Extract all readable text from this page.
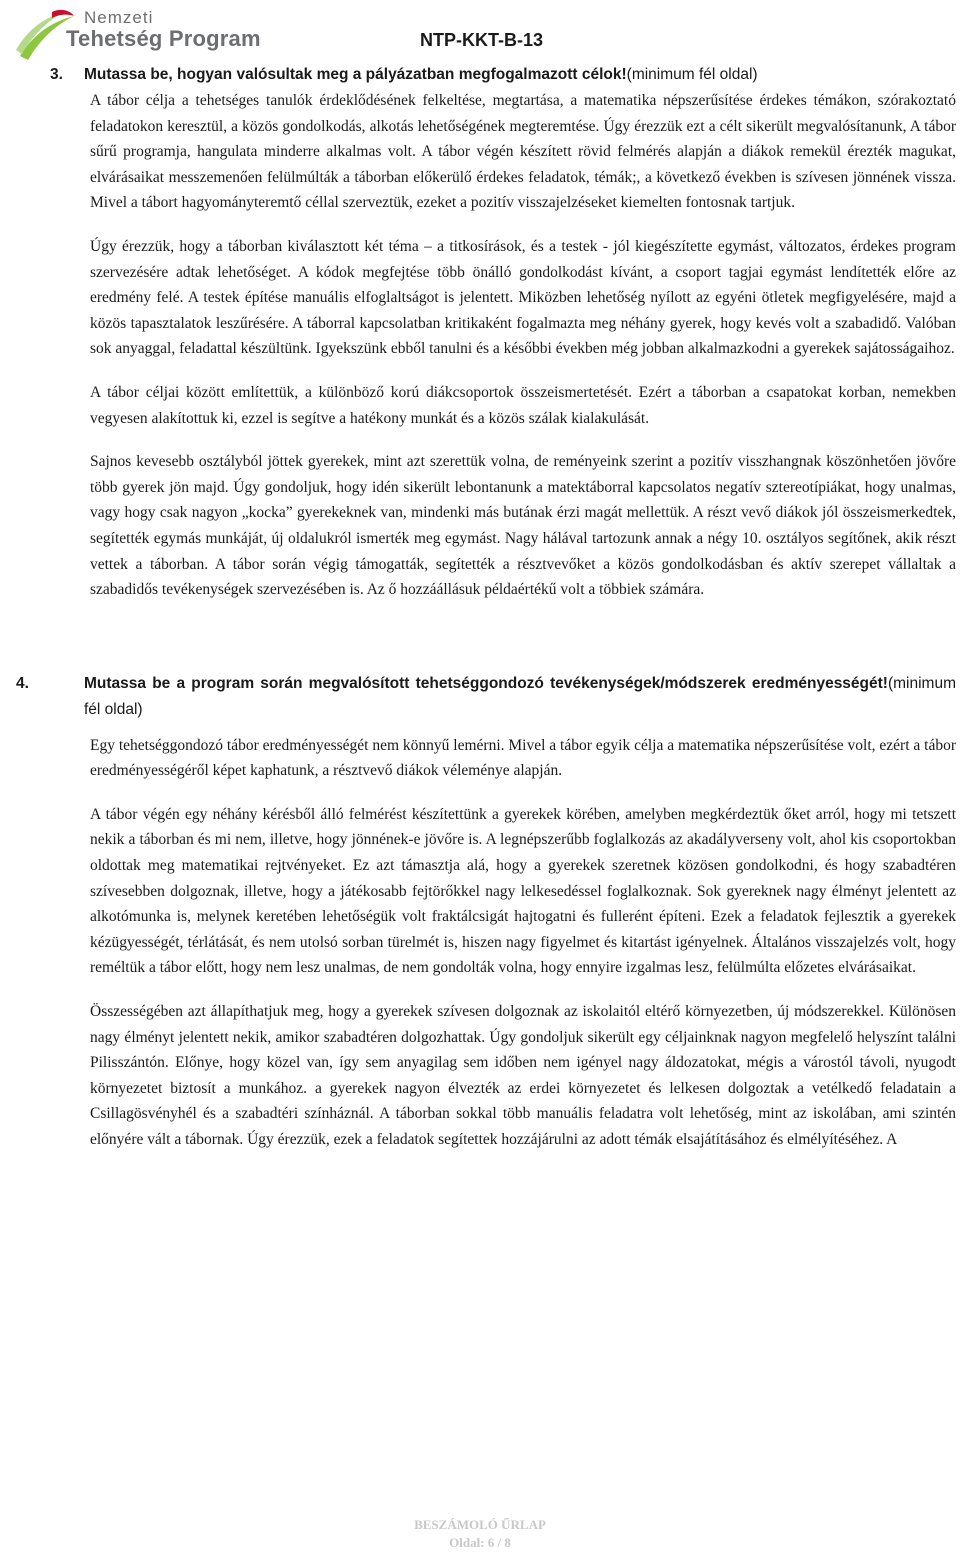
Nemzeti
Tehetség Program	NTP-KKT-B-13
3. Mutassa be, hogyan valósultak meg a pályázatban megfogalmazott célok!(minimum fél oldal)

A tábor célja a tehetséges tanulók érdeklődésének felkeltése, megtartása, a matematika népszerűsítése érdekes témákon, szórakoztató feladatokon keresztül, a közös gondolkodás, alkotás lehetőségének megteremtése. Úgy érezzük ezt a célt sikerült megvalósítanunk, A tábor sűrű programja, hangulata minderre alkalmas volt. A tábor végén készített rövid felmérés alapján a diákok remekül érezték magukat, elvárásaikat messzemenően felülmúlták a táborban előkerülő érdekes feladatok, témák;, a következő években is szívesen jönnének vissza. Mivel a tábort hagyományteremtő céllal szerveztük, ezeket a pozitív visszajelzéseket kiemelten fontosnak tartjuk.

Úgy érezzük, hogy a táborban kiválasztott két téma – a titkosírások, és a testek - jól kiegészítette egymást, változatos, érdekes program szervezésére adtak lehetőséget. A kódok megfejtése több önálló gondolkodást kívánt, a csoport tagjai egymást lendítették előre az eredmény felé. A testek építése manuális elfoglaltságot is jelentett. Miközben lehetőség nyílott az egyéni ötletek megfigyelésére, majd a közös tapasztalatok leszűrésére. A táborral kapcsolatban kritikaként fogalmazta meg néhány gyerek, hogy kevés volt a szabadidő. Valóban sok anyaggal, feladattal készültünk. Igyekszünk ebből tanulni és a későbbi években még jobban alkalmazkodni a gyerekek sajátosságaihoz.

A tábor céljai között említettük, a különböző korú diákcsoportok összeismertetését. Ezért a táborban a csapatokat korban, nemekben vegyesen alakítottuk ki, ezzel is segítve a hatékony munkát és a közös szálak kialakulását.

Sajnos kevesebb osztályból jöttek gyerekek, mint azt szerettük volna, de reményeink szerint a pozitív visszhangnak köszönhetően jövőre több gyerek jön majd. Úgy gondoljuk, hogy idén sikerült lebontanunk a matektáborral kapcsolatos negatív sztereotípiákat, hogy unalmas, vagy hogy csak nagyon „kocka” gyerekeknek van, mindenki más butának érzi magát mellettük. A részt vevő diákok jól összeismerkedtek, segítették egymás munkáját, új oldalukról ismerték meg egymást. Nagy hálával tartozunk annak a négy 10. osztályos segítőnek, akik részt vettek a táborban. A tábor során végig támogatták, segítették a résztvevőket a közös gondolkodásban és aktív szerepet vállaltak a szabadidős tevékenységek szervezésében is. Az ő hozzáállásuk példaértékű volt a többiek számára.

4.	Mutassa be a program során megvalósított tehetséggondozó tevékenységek/módszerek eredményességét!(minimum fél oldal)

Egy tehetséggondozó tábor eredményességét nem könnyű lemérni. Mivel a tábor egyik célja a matematika népszerűsítése volt, ezért a tábor eredményességéről képet kaphatunk, a résztvevő diákok véleménye alapján.

A tábor végén egy néhány kérésből álló felmérést készítettünk a gyerekek körében, amelyben megkérdeztük őket arról, hogy mi tetszett nekik a táborban és mi nem, illetve, hogy jönnének-e jövőre is. A legnépszerűbb foglalkozás az akadályverseny volt, ahol kis csoportokban oldottak meg matematikai rejtvényeket. Ez azt támasztja alá, hogy a gyerekek szeretnek közösen gondolkodni, és hogy szabadtéren szívesebben dolgoznak, illetve, hogy a játékosabb fejtörőkkel nagy lelkesedéssel foglalkoznak. Sok gyereknek nagy élményt jelentett az alkotómunka is, melynek keretében lehetőségük volt fraktálcsigát hajtogatni és fullerént építeni. Ezek a feladatok fejlesztik a gyerekek kézügyességét, térlátását, és nem utolsó sorban türelmét is, hiszen nagy figyelmet és kitartást igényelnek. Általános visszajelzés volt, hogy reméltük a tábor előtt, hogy nem lesz unalmas, de nem gondolták volna, hogy ennyire izgalmas lesz, felülmúlta előzetes elvárásaikat.

Összességében azt állapíthatjuk meg, hogy a gyerekek szívesen dolgoznak az iskolaitól eltérő környezetben, új módszerekkel. Különösen nagy élményt jelentett nekik, amikor szabadtéren dolgozhattak. Úgy gondoljuk sikerült egy céljainknak nagyon megfelelő helyszínt találni Pilisszántón. Előnye, hogy közel van, így sem anyagilag sem időben nem igényel nagy áldozatokat, mégis a várostól távoli, nyugodt környezetet biztosít a munkához. a gyerekek nagyon élvezték az erdei környezetet és lelkesen dolgoztak a vetélkedő feladatain a Csillagösvényhél és a szabadtéri színháznál. A táborban sokkal több manuális feladatra volt lehetőség, mint az iskolában, ami szintén előnyére vált a tábornak. Úgy érezzük, ezek a feladatok segítettek hozzájárulni az adott témák elsajátításához és elmélyítéséhez. A

BESZÁMOLÓ ŰRLAP
Oldal: 6 / 8
